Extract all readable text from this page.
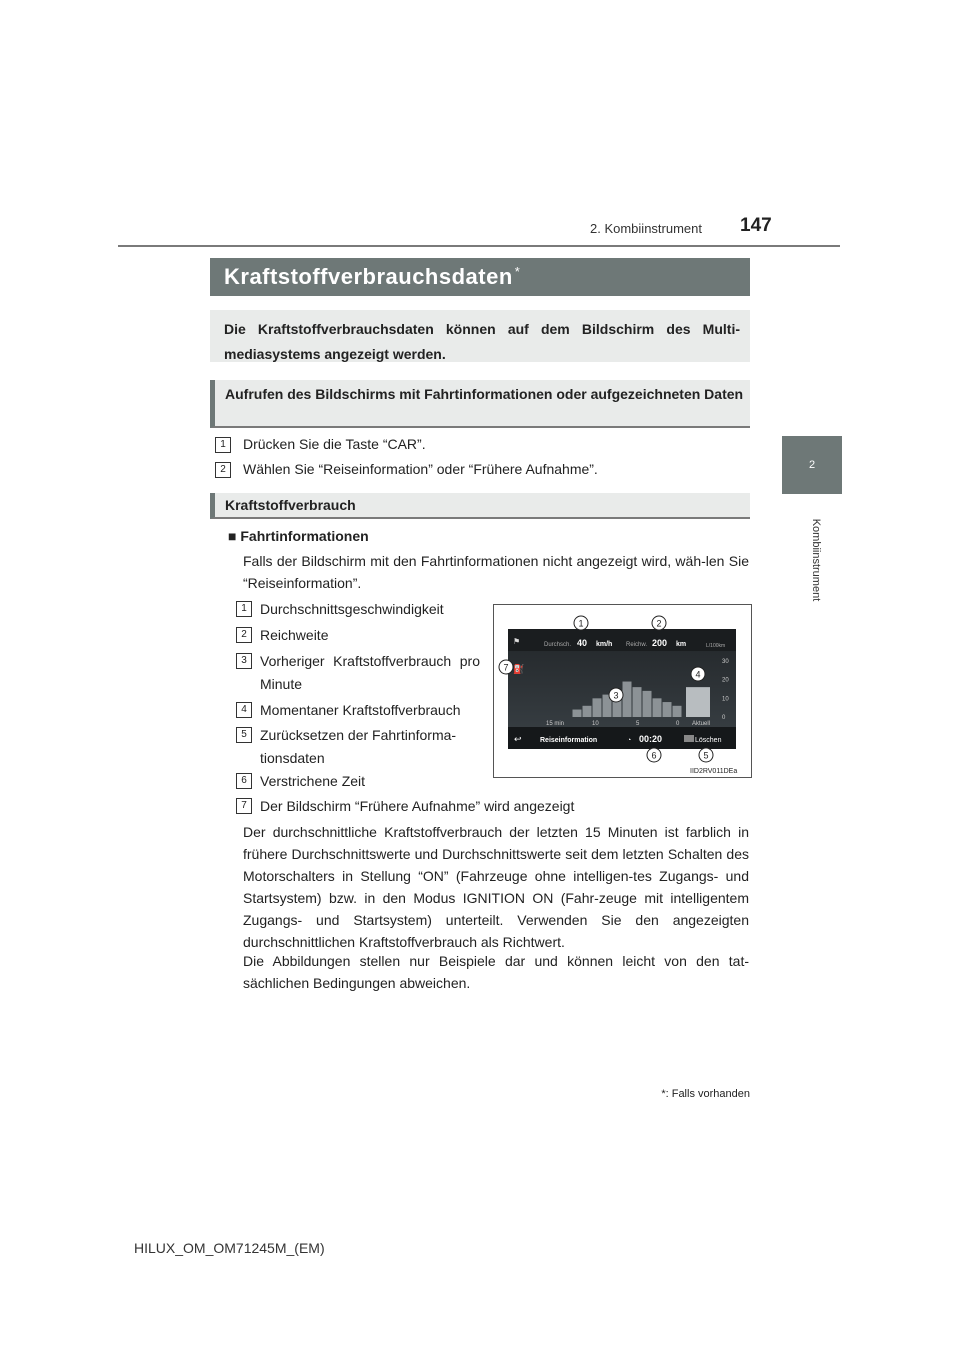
2. Kombiinstrument 147
2
Kombiinstrument
Kraftstoffverbrauchsdaten *

Die Kraftstoffverbrauchsdaten können auf dem Bildschirm des Multi-mediasystems angezeigt werden.

Aufrufen des Bildschirms mit Fahrtinformationen oder aufgezeichneten Daten

1	Drücken Sie die Taste “CAR”.
2	Wählen Sie “Reiseinformation” oder “Frühere Aufnahme”.
Kraftstoffverbrauch
■ Fahrtinformationen
Falls der Bildschirm mit den Fahrtinformationen nicht angezeigt wird, wäh-len Sie “Reiseinformation”.
1 Durchschnittsgeschwindigkeit
2 Reichweite
3 Vorheriger Kraftstoffverbrauch pro Minute
4 Momentaner Kraftstoffverbrauch
5 Zurücksetzen der Fahrtinforma-tionsdaten
6 Verstrichene Zeit
7 Der Bildschirm “Frühere Aufnahme” wird angezeigt
Der durchschnittliche Kraftstoffverbrauch der letzten 15 Minuten ist farblich in frühere Durchschnittswerte und Durchschnittswerte seit dem letzten Schalten des Motorschalters in Stellung “ON” (Fahrzeuge ohne intelligen-tes Zugangs- und Startsystem) bzw. in den Modus IGNITION ON (Fahr-zeuge mit intelligentem Zugangs- und Startsystem) unterteilt. Verwenden Sie den angezeigten durchschnittlichen Kraftstoffverbrauch als Richtwert.
Die Abbildungen stellen nur Beispiele dar und können leicht von den tat-sächlichen Bedingungen abweichen.
⚑	Durchsch. 40 km/h Reichw. 200 km	L/100km
⛽
30
20
10
0
15 min	10	5	0 Aktuell
↩	Reiseinformation	◔ 00:20	Löschen
1	2
7
4
5
6
3
IID2RV011DEa
*: Falls vorhanden
HILUX_OM_OM71245M_(EM)
